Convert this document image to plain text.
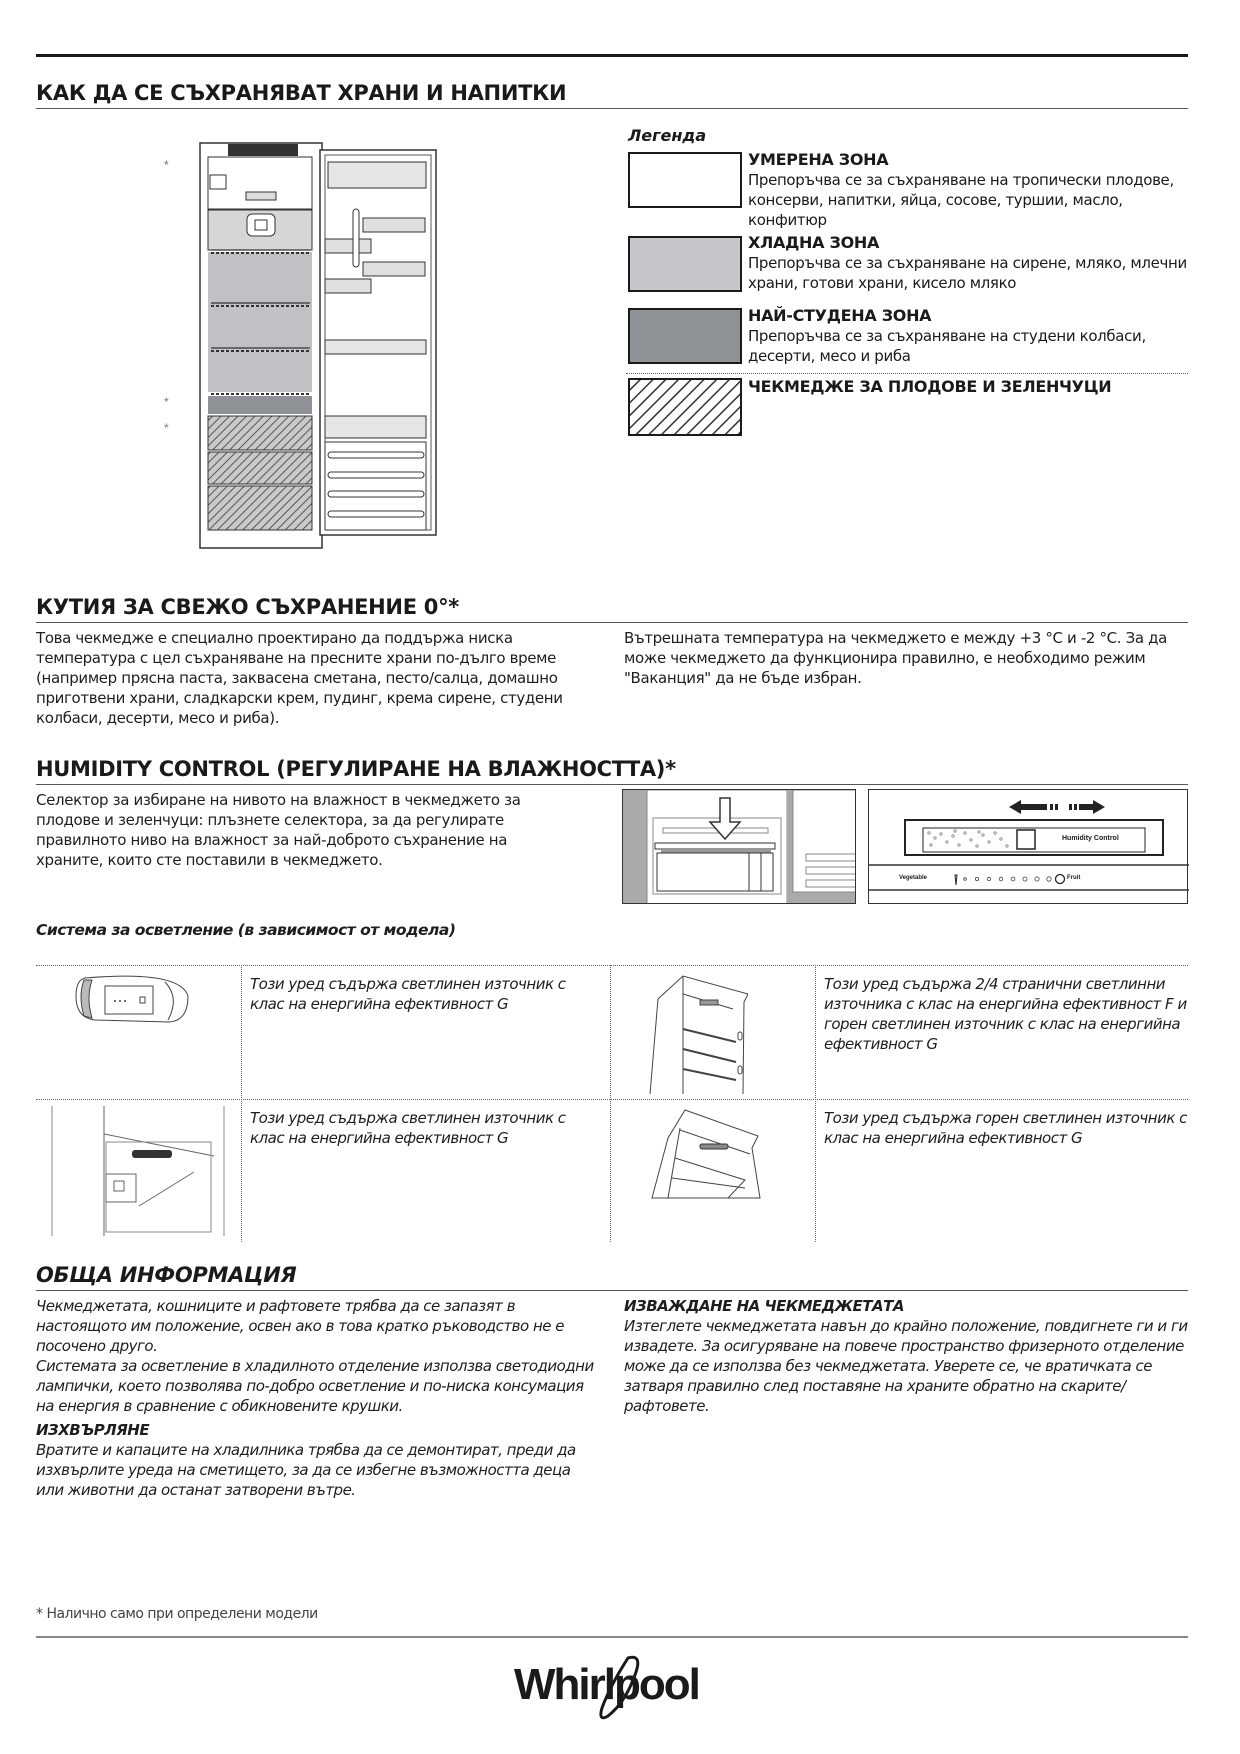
КАК ДА СЕ СЪХРАНЯВАТ ХРАНИ И НАПИТКИ
*
*
*
Легенда
УМЕРЕНА ЗОНА
Препоръчва се за съхраняване на тропически плодове, консерви, напитки, яйца, сосове, туршии, масло, конфитюр
ХЛАДНА ЗОНА
Препоръчва се за съхраняване на сирене, мляко, млечни храни, готови храни, кисело мляко
НАЙ-СТУДЕНА ЗОНА
Препоръчва се за съхраняване на студени колбаси, десерти, месо и риба
ЧЕКМЕДЖЕ ЗА ПЛОДОВЕ И ЗЕЛЕНЧУЦИ
КУТИЯ ЗА СВЕЖО СЪХРАНЕНИЕ 0°*
Това чекмедже е специално проектирано да поддържа ниска температура с цел съхраняване на пресните храни по-дълго време (например прясна паста, заквасена сметана, песто/салца, домашно приготвени храни, сладкарски крем, пудинг, крема сирене, студени колбаси, десерти, месо и риба).
Вътрешната температура на чекмеджето е между +3 °C и -2 °C. За да може чекмеджето да функционира правилно, е необходимо режим "Ваканция" да не бъде избран.
HUMIDITY CONTROL (РЕГУЛИРАНЕ НА ВЛАЖНОСТТА)*
Селектор за избиране на нивото на влажност в чекмеджето за плодове и зеленчуци: плъзнете селектора, за да регулирате правилното ниво на влажност за най-доброто съхранение на храните, които сте поставили в чекмеджето.
Humidity Control
Vegetable	Fruit
Система за осветление (в зависимост от модела)
Този уред съдържа светлинен източник с клас на енергийна ефективност G
Този уред съдържа 2/4 странични светлинни източника с клас на енергийна ефективност F и горен светлинен източник с клас на енергийна ефективност G
Този уред съдържа светлинен източник с клас на енергийна ефективност G
Този уред съдържа горен светлинен източник с клас на енергийна ефективност G
ОБЩА ИНФОРМАЦИЯ
Чекмеджетата, кошниците и рафтовете трябва да се запазят в настоящото им положение, освен ако в това кратко ръководство не е посочено друго.
Системата за осветление в хладилното отделение използва светодиодни лампички, което позволява по-добро осветление и по-ниска консумация на енергия в сравнение с обикновените крушки.
ИЗХВЪРЛЯНЕ
Вратите и капаците на хладилника трябва да се демонтират, преди да изхвърлите уреда на сметището, за да се избегне възможността деца или животни да останат затворени вътре.
ИЗВАЖДАНЕ НА ЧЕКМЕДЖЕТАТА
Изтеглете чекмеджетата навън до крайно положение, повдигнете ги и ги извадете. За осигуряване на повече пространство фризерното отделение може да се използва без чекмеджетата. Уверете се, че вратичката се затваря правилно след поставяне на храните обратно на скарите/рафтовете.
* Налично само при определени модели
Whirlpool
